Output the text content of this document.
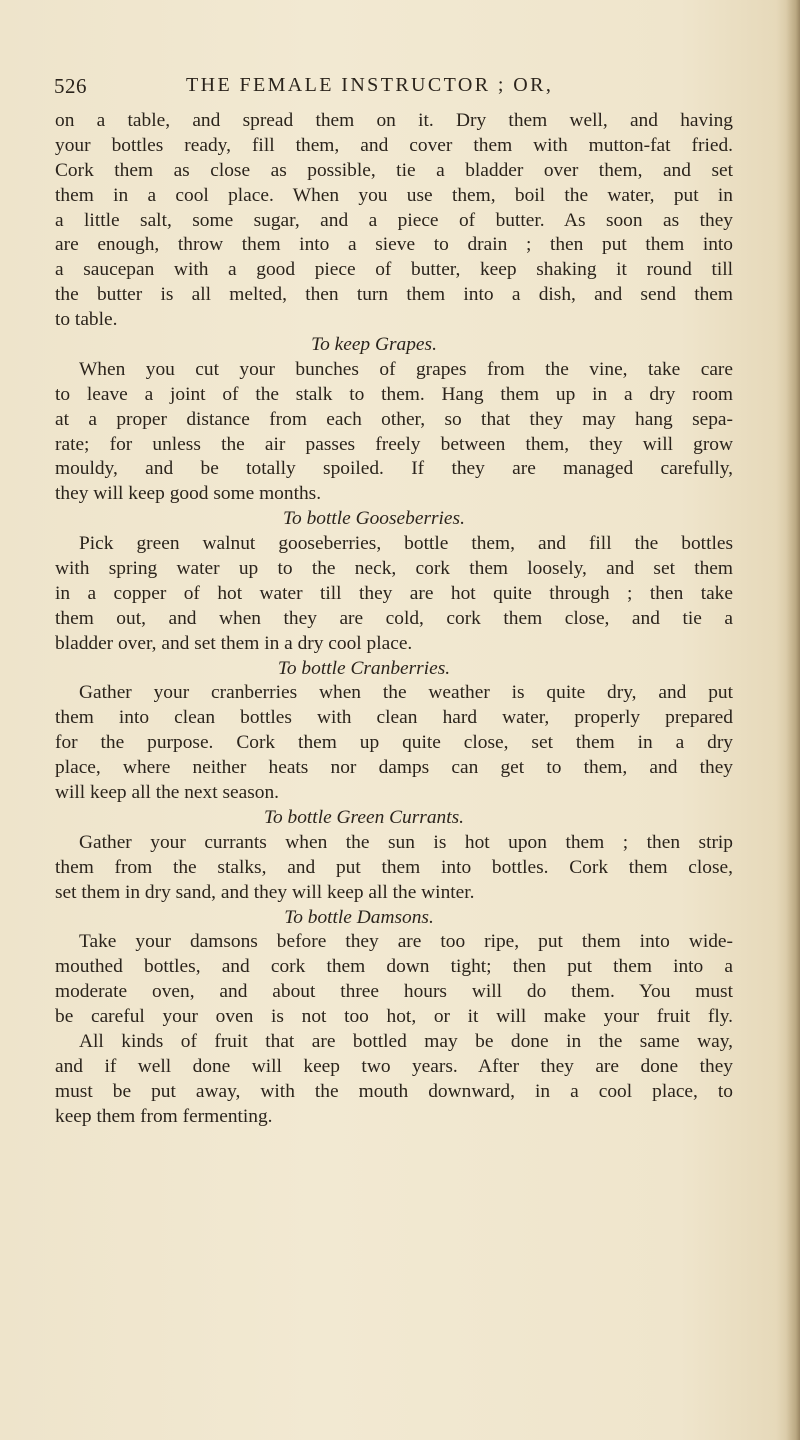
526	THE FEMALE INSTRUCTOR ; OR,
on a table, and spread them on it. Dry them well, and having
your bottles ready, fill them, and cover them with mutton-fat fried.
Cork them as close as possible, tie a bladder over them, and set
them in a cool place. When you use them, boil the water, put in
a little salt, some sugar, and a piece of butter. As soon as they
are enough, throw them into a sieve to drain ; then put them into
a saucepan with a good piece of butter, keep shaking it round till
the butter is all melted, then turn them into a dish, and send them
to table.
To keep Grapes.
When you cut your bunches of grapes from the vine, take care
to leave a joint of the stalk to them. Hang them up in a dry room
at a proper distance from each other, so that they may hang sepa-
rate; for unless the air passes freely between them, they will grow
mouldy, and be totally spoiled. If they are managed carefully,
they will keep good some months.
To bottle Gooseberries.
Pick green walnut gooseberries, bottle them, and fill the bottles
with spring water up to the neck, cork them loosely, and set them
in a copper of hot water till they are hot quite through ; then take
them out, and when they are cold, cork them close, and tie a
bladder over, and set them in a dry cool place.
To bottle Cranberries.
Gather your cranberries when the weather is quite dry, and put
them into clean bottles with clean hard water, properly prepared
for the purpose. Cork them up quite close, set them in a dry
place, where neither heats nor damps can get to them, and they
will keep all the next season.
To bottle Green Currants.
Gather your currants when the sun is hot upon them ; then strip
them from the stalks, and put them into bottles. Cork them close,
set them in dry sand, and they will keep all the winter.
To bottle Damsons.
Take your damsons before they are too ripe, put them into wide-
mouthed bottles, and cork them down tight; then put them into a
moderate oven, and about three hours will do them. You must
be careful your oven is not too hot, or it will make your fruit fly.
All kinds of fruit that are bottled may be done in the same way,
and if well done will keep two years. After they are done they
must be put away, with the mouth downward, in a cool place, to
keep them from fermenting.
